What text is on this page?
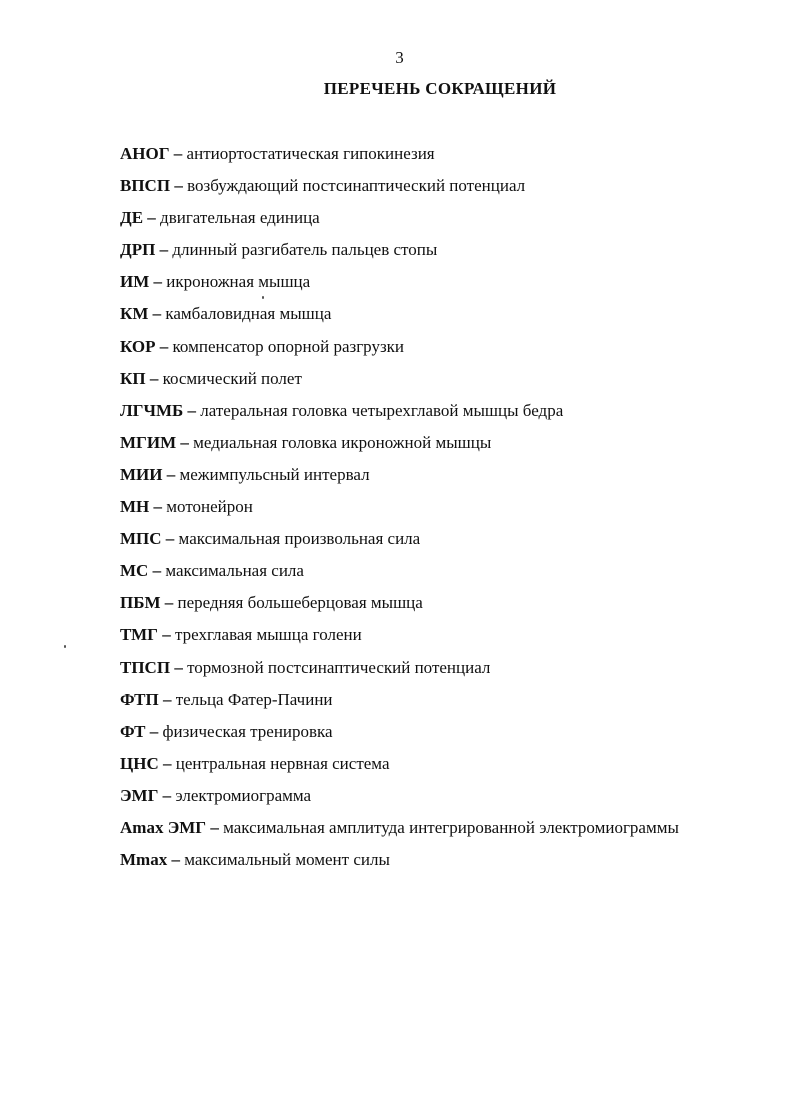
3
ПЕРЕЧЕНЬ СОКРАЩЕНИЙ
АНОГ – антиортостатическая гипокинезия
ВПСП – возбуждающий постсинаптический потенциал
ДЕ – двигательная единица
ДРП – длинный разгибатель пальцев стопы
ИМ – икроножная мышца
КМ – камбаловидная мышца
КОР – компенсатор опорной разгрузки
КП – космический полет
ЛГЧМБ – латеральная головка четырехглавой мышцы бедра
МГИМ – медиальная головка икроножной мышцы
МИИ – межимпульсный интервал
МН – мотонейрон
МПС – максимальная произвольная сила
МС – максимальная сила
ПБМ – передняя большеберцовая мышца
ТМГ – трехглавая мышца голени
ТПСП – тормозной постсинаптический потенциал
ФТП – тельца Фатер-Пачини
ФТ – физическая тренировка
ЦНС – центральная нервная система
ЭМГ – электромиограмма
Amax ЭМГ – максимальная амплитуда интегрированной электромиограммы
Mmax – максимальный момент силы
